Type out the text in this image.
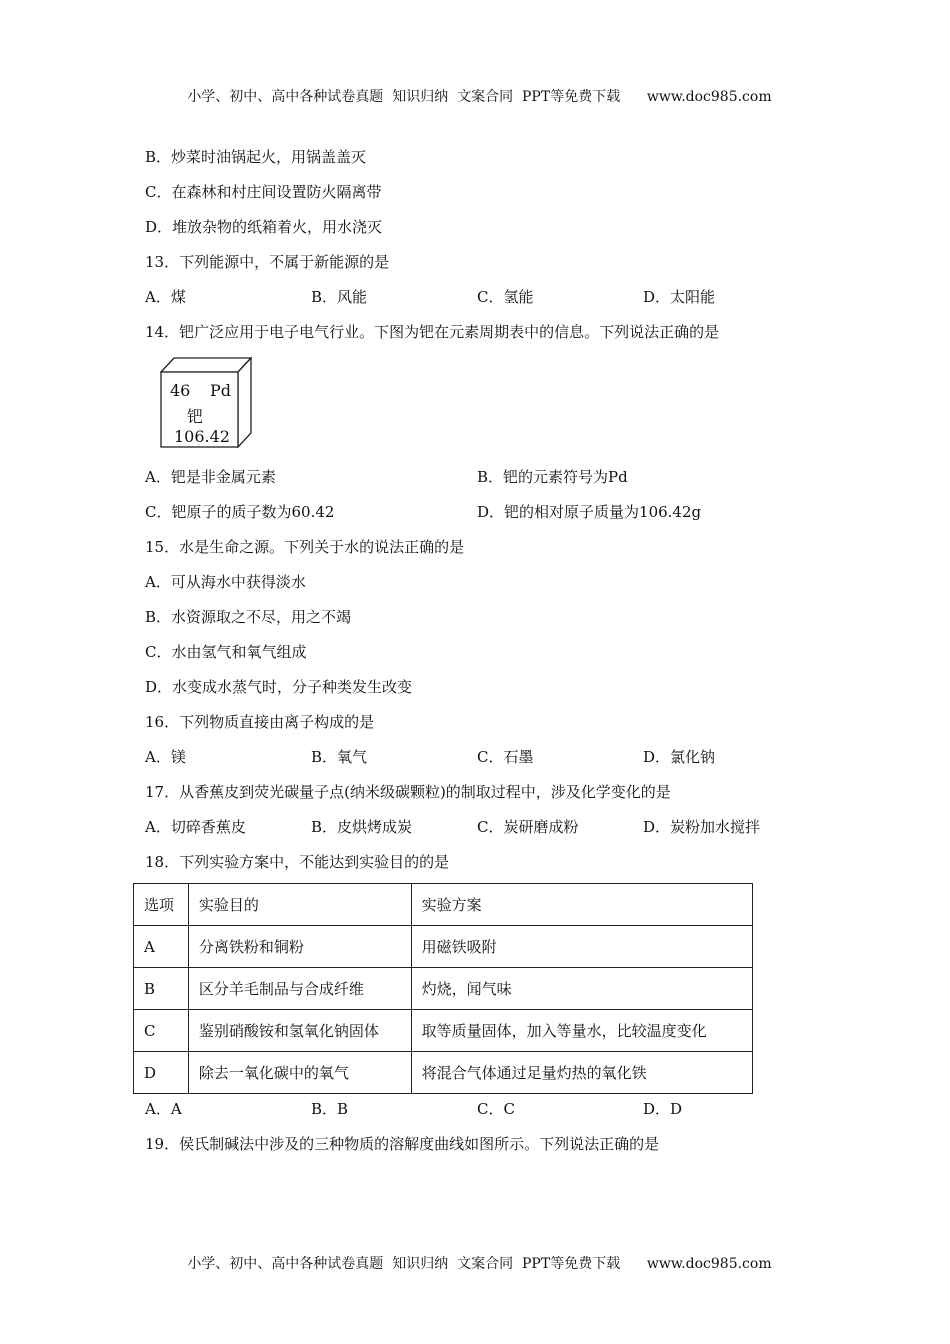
小学、初中、高中各种试卷真题  知识归纳  文案合同  PPT等免费下载 www.doc985.com

B．炒菜时油锅起火，用锅盖盖灭
C．在森林和村庄间设置防火隔离带
D．堆放杂物的纸箱着火，用水浇灭
13．下列能源中，不属于新能源的是
A．煤	B．风能	C．氢能	D．太阳能
14．钯广泛应用于电子电气行业。下图为钯在元素周期表中的信息。下列说法正确的是
46 Pd
钯
106.42
A．钯是非金属元素	B．钯的元素符号为Pd
C．钯原子的质子数为60.42	D．钯的相对原子质量为106.42g
15．水是生命之源。下列关于水的说法正确的是
A．可从海水中获得淡水
B．水资源取之不尽，用之不竭
C．水由氢气和氧气组成
D．水变成水蒸气时，分子种类发生改变
16．下列物质直接由离子构成的是
A．镁	B．氧气	C．石墨	D．氯化钠
17．从香蕉皮到荧光碳量子点(纳米级碳颗粒)的制取过程中，涉及化学变化的是
A．切碎香蕉皮	B．皮烘烤成炭	C．炭研磨成粉	D．炭粉加水搅拌
18．下列实验方案中，不能达到实验目的的是
选项	实验目的	实验方案
A	分离铁粉和铜粉	用磁铁吸附
B	区分羊毛制品与合成纤维	灼烧，闻气味
C	鉴别硝酸铵和氢氧化钠固体	取等质量固体，加入等量水，比较温度变化
D	除去一氧化碳中的氧气	将混合气体通过足量灼热的氧化铁
A．A	B．B	C．C	D．D
19．侯氏制碱法中涉及的三种物质的溶解度曲线如图所示。下列说法正确的是

小学、初中、高中各种试卷真题  知识归纳  文案合同  PPT等免费下载 www.doc985.com
